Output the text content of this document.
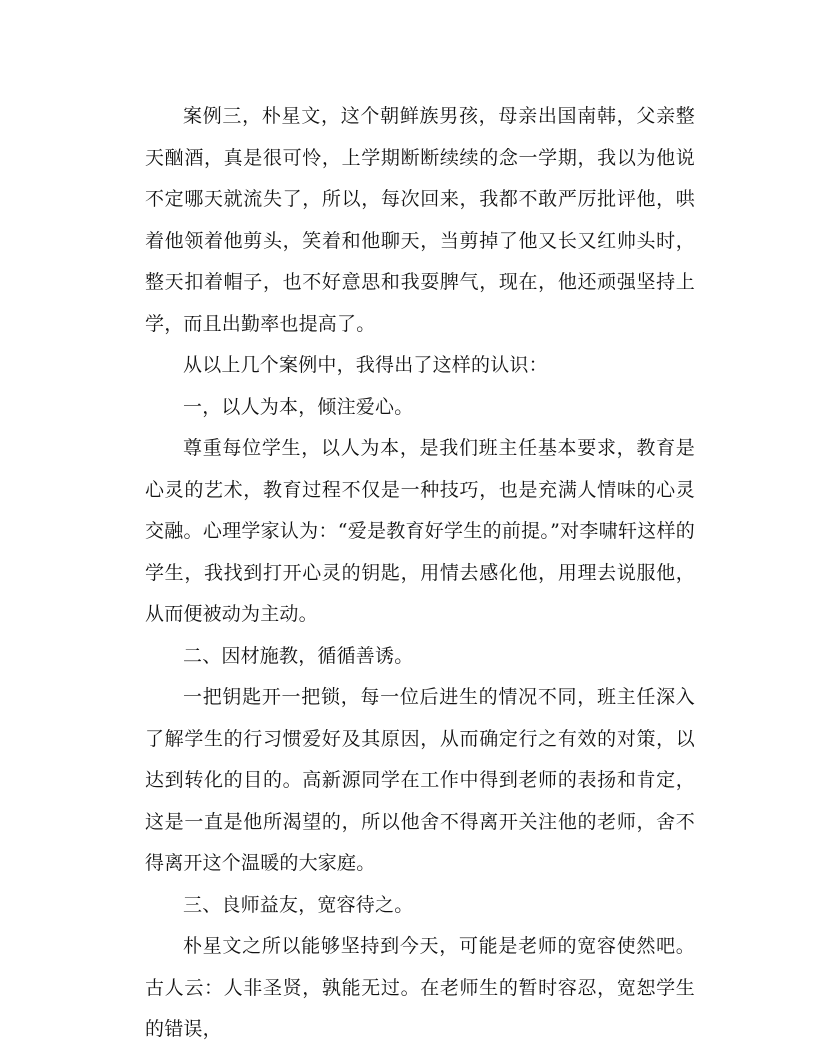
案例三，朴星文，这个朝鲜族男孩，母亲出国南韩，父亲整天酗酒，真是很可怜，上学期断断续续的念一学期，我以为他说不定哪天就流失了，所以，每次回来，我都不敢严厉批评他，哄着他领着他剪头，笑着和他聊天，当剪掉了他又长又红帅头时，整天扣着帽子，也不好意思和我耍脾气，现在，他还顽强坚持上学，而且出勤率也提高了。

从以上几个案例中，我得出了这样的认识：

一，以人为本，倾注爱心。

尊重每位学生，以人为本，是我们班主任基本要求，教育是心灵的艺术，教育过程不仅是一种技巧，也是充满人情味的心灵交融。心理学家认为：“爱是教育好学生的前提。”对李啸轩这样的学生，我找到打开心灵的钥匙，用情去感化他，用理去说服他，从而便被动为主动。

二、因材施教，循循善诱。

一把钥匙开一把锁，每一位后进生的情况不同，班主任深入了解学生的行习惯爱好及其原因，从而确定行之有效的对策，以达到转化的目的。高新源同学在工作中得到老师的表扬和肯定，这是一直是他所渴望的，所以他舍不得离开关注他的老师，舍不得离开这个温暖的大家庭。

三、良师益友，宽容待之。

朴星文之所以能够坚持到今天，可能是老师的宽容使然吧。古人云：人非圣贤，孰能无过。在老师生的暂时容忍，宽恕学生的错误，
